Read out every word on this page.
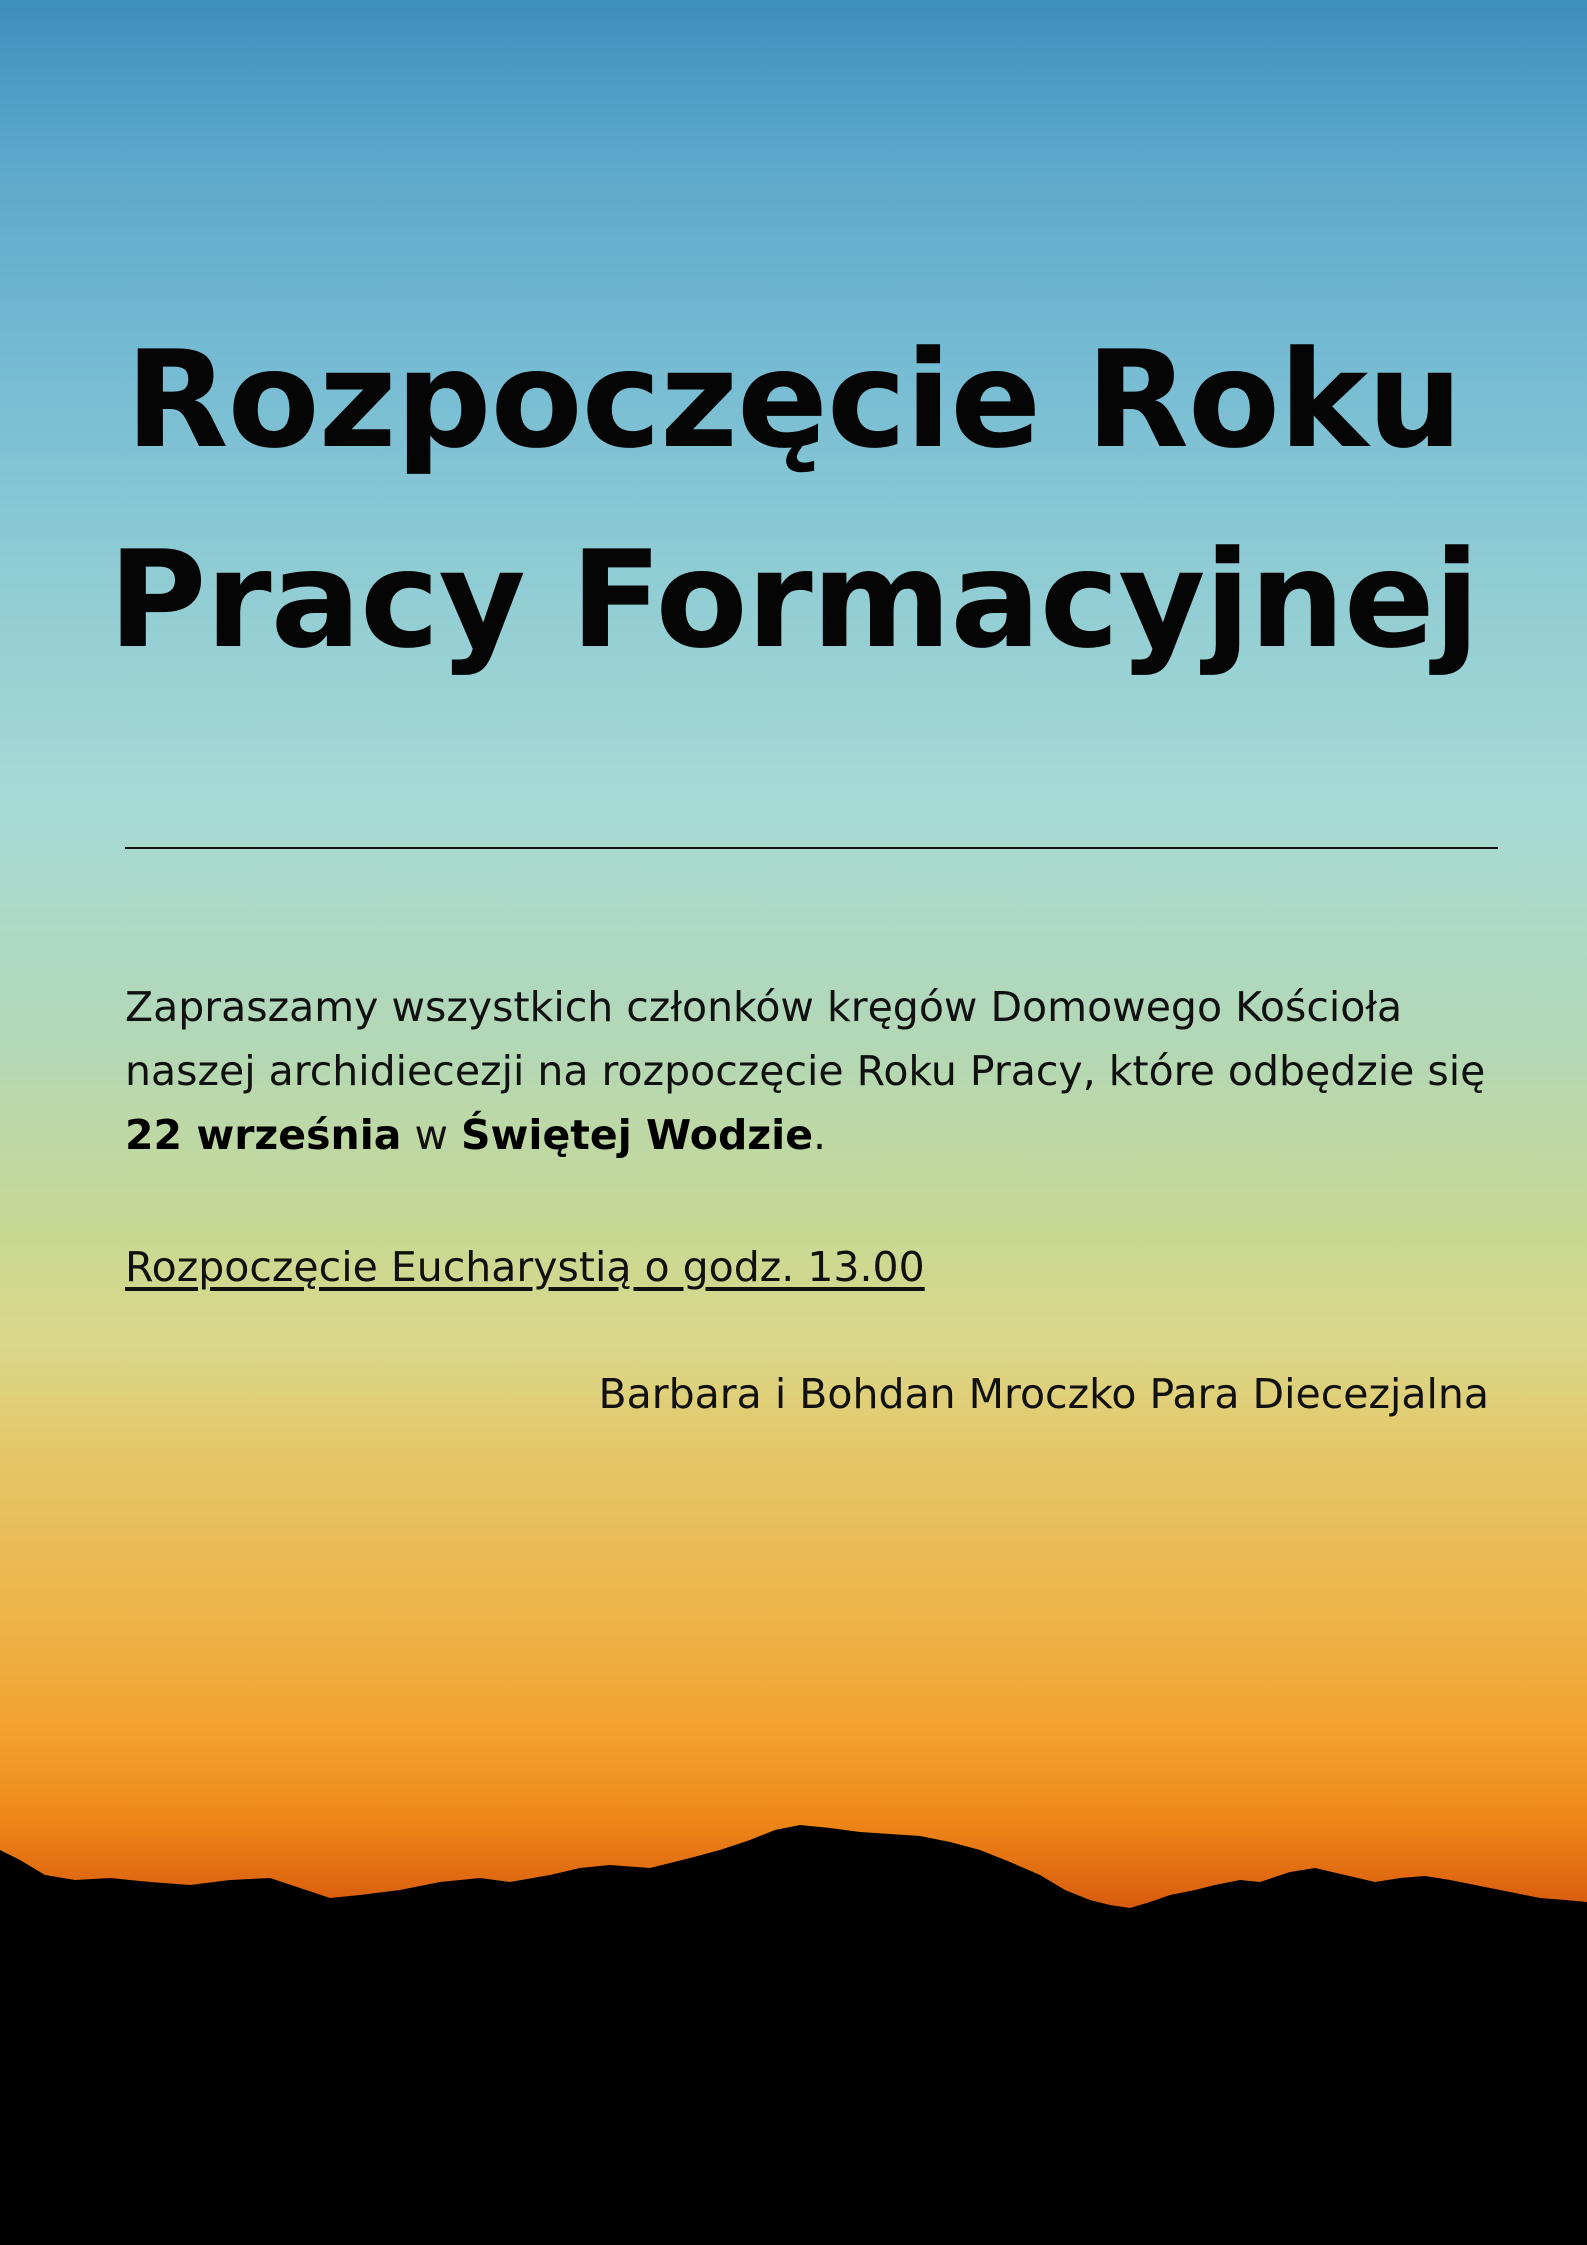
Rozpoczęcie Roku
Pracy Formacyjnej

Zapraszamy wszystkich członków kręgów Domowego Kościoła naszej archidiecezji na rozpoczęcie Roku Pracy, które odbędzie się 22 września w Świętej Wodzie.

Rozpoczęcie Eucharystią o godz. 13.00

Barbara i Bohdan Mroczko Para Diecezjalna
